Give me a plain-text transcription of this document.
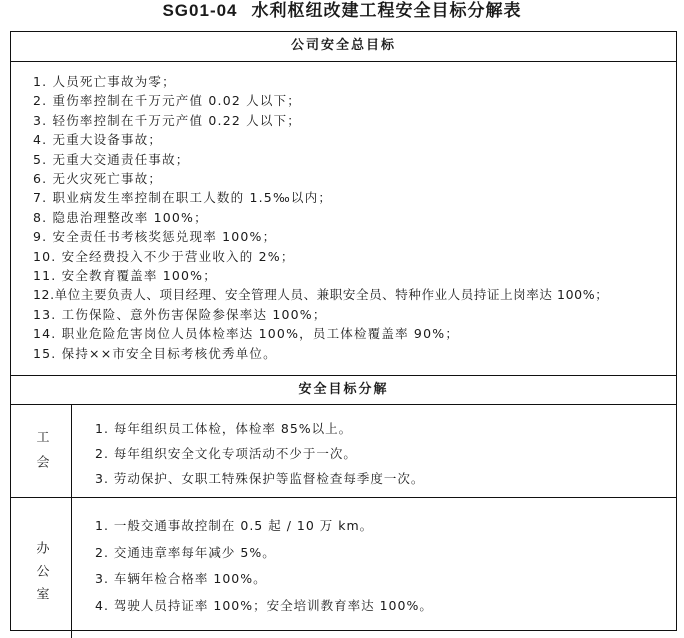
SG01-04 水利枢纽改建工程安全目标分解表
公司安全总目标
1. 人员死亡事故为零；
2. 重伤率控制在千万元产值 0.02 人以下；
3. 轻伤率控制在千万元产值 0.22 人以下；
4. 无重大设备事故；
5. 无重大交通责任事故；
6. 无火灾死亡事故；
7. 职业病发生率控制在职工人数的 1.5‰以内；
8. 隐患治理整改率 100%；
9. 安全责任书考核奖惩兑现率 100%；
10. 安全经费投入不少于营业收入的 2%；
11. 安全教育覆盖率 100%；
12.单位主要负责人、项目经理、安全管理人员、兼职安全员、特种作业人员持证上岗率达 100%；
13. 工伤保险、意外伤害保险参保率达 100%；
14. 职业危险危害岗位人员体检率达 100%，员工体检覆盖率 90%；
15. 保持××市安全目标考核优秀单位。
安全目标分解
工会
1. 每年组织员工体检，体检率 85%以上。
2. 每年组织安全文化专项活动不少于一次。
3. 劳动保护、女职工特殊保护等监督检查每季度一次。
办公室
1. 一般交通事故控制在 0.5 起 / 10 万 km。
2. 交通违章率每年减少 5%。
3. 车辆年检合格率 100%。
4. 驾驶人员持证率 100%；安全培训教育率达 100%。
